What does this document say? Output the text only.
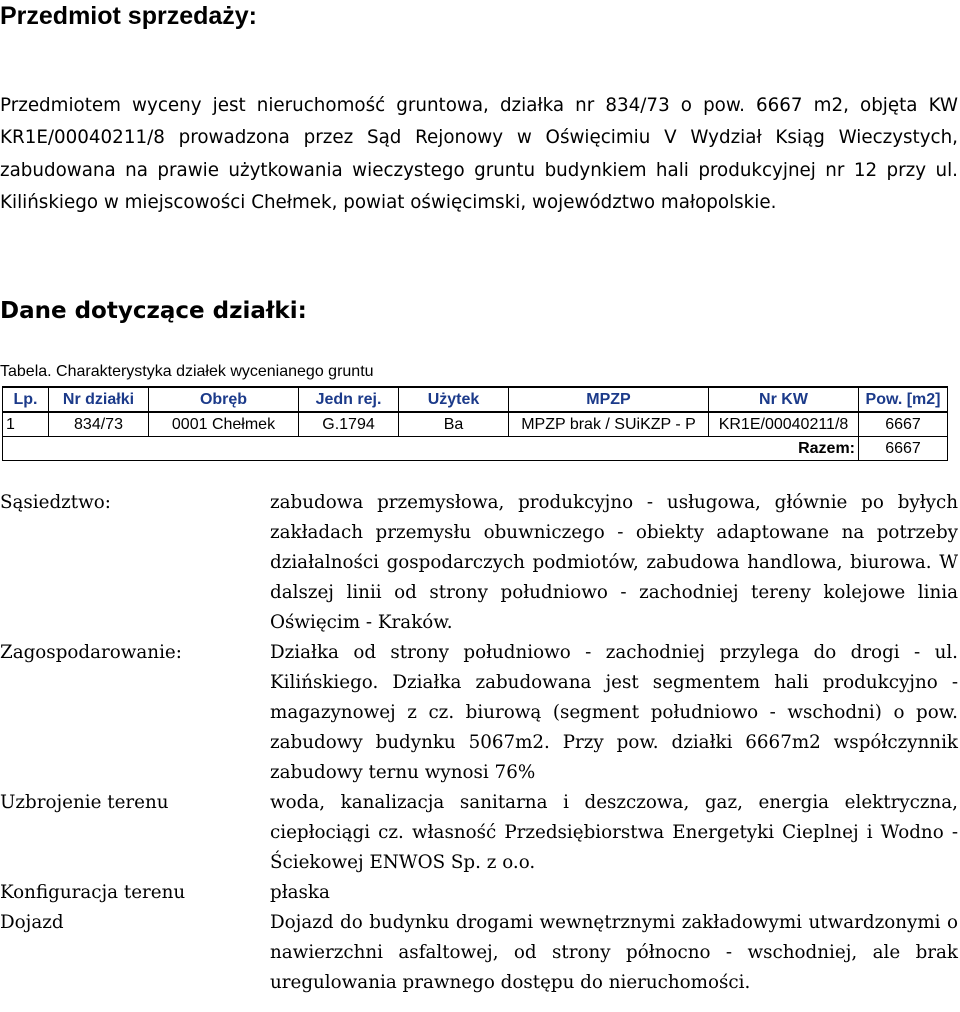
Przedmiot sprzedaży:

Przedmiotem wyceny jest nieruchomość gruntowa, działka nr 834/73 o pow. 6667 m2, objęta KW KR1E/00040211/8 prowadzona przez Sąd Rejonowy w Oświęcimiu V Wydział Ksiąg Wieczystych, zabudowana na prawie użytkowania wieczystego gruntu budynkiem hali produkcyjnej nr 12 przy ul. Kilińskiego w miejscowości Chełmek, powiat oświęcimski, województwo małopolskie.

Dane dotyczące działki:
Tabela. Charakterystyka działek wycenianego gruntu
Lp.	Nr działki	Obręb	Jedn rej.	Użytek	MPZP	Nr KW	Pow. [m2]
1	834/73	0001 Chełmek	G.1794	Ba	MPZP brak / SUiKZP - P	KR1E/00040211/8	6667
						Razem:	6667
Sąsiedztwo:	zabudowa przemysłowa, produkcyjno - usługowa, głównie po byłych zakładach przemysłu obuwniczego - obiekty adaptowane na potrzeby działalności gospodarczych podmiotów, zabudowa handlowa, biurowa. W dalszej linii od strony południowo - zachodniej tereny kolejowe linia Oświęcim - Kraków.
Zagospodarowanie:	Działka od strony południowo - zachodniej przylega do drogi - ul. Kilińskiego. Działka zabudowana jest segmentem hali produkcyjno - magazynowej z cz. biurową (segment południowo - wschodni) o pow. zabudowy budynku 5067m2. Przy pow. działki 6667m2 współczynnik zabudowy ternu wynosi 76%
Uzbrojenie terenu	woda, kanalizacja sanitarna i deszczowa, gaz, energia elektryczna, ciepłociągi cz. własność Przedsiębiorstwa Energetyki Cieplnej i Wodno - Ściekowej ENWOS Sp. z o.o.
Konfiguracja terenu	płaska
Dojazd	Dojazd do budynku drogami wewnętrznymi zakładowymi utwardzonymi o nawierzchni asfaltowej, od strony północno - wschodniej, ale brak uregulowania prawnego dostępu do nieruchomości.
